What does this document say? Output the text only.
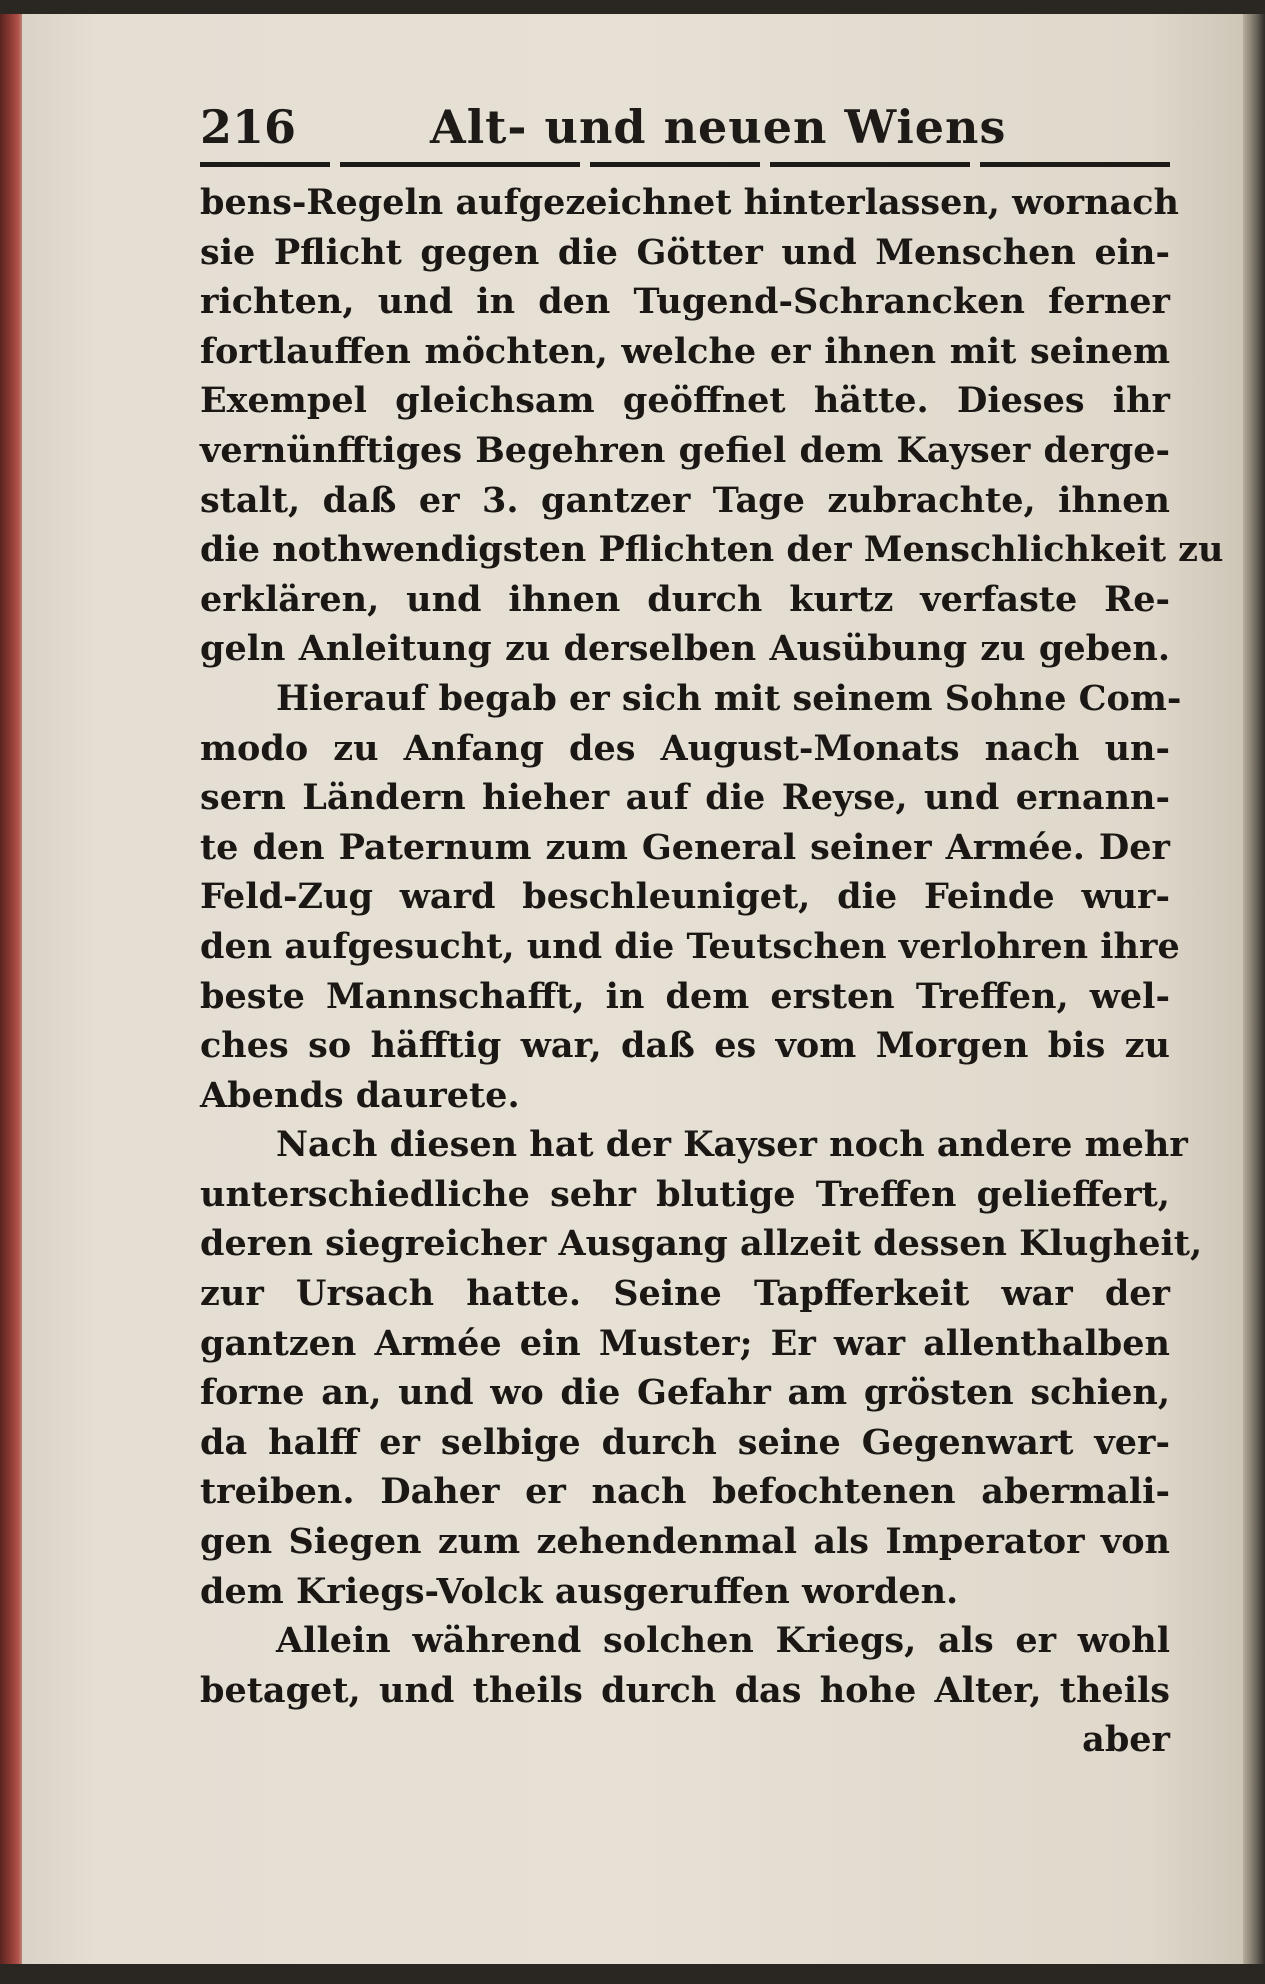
216	Alt- und neuen Wiens
bens-Regeln aufgezeichnet hinterlassen, wornach
sie Pflicht gegen die Götter und Menschen ein-
richten, und in den Tugend-Schrancken ferner
fortlauffen möchten, welche er ihnen mit seinem
Exempel gleichsam geöffnet hätte. Dieses ihr
vernünfftiges Begehren gefiel dem Kayser derge-
stalt, daß er 3. gantzer Tage zubrachte, ihnen
die nothwendigsten Pflichten der Menschlichkeit zu
erklären, und ihnen durch kurtz verfaste Re-
geln Anleitung zu derselben Ausübung zu geben.
Hierauf begab er sich mit seinem Sohne Com-
modo zu Anfang des August-Monats nach un-
sern Ländern hieher auf die Reyse, und ernann-
te den Paternum zum General seiner Armée. Der
Feld-Zug ward beschleuniget, die Feinde wur-
den aufgesucht, und die Teutschen verlohren ihre
beste Mannschafft, in dem ersten Treffen, wel-
ches so häfftig war, daß es vom Morgen bis zu
Abends daurete.
Nach diesen hat der Kayser noch andere mehr
unterschiedliche sehr blutige Treffen gelieffert,
deren siegreicher Ausgang allzeit dessen Klugheit,
zur Ursach hatte. Seine Tapfferkeit war der
gantzen Armée ein Muster; Er war allenthalben
forne an, und wo die Gefahr am grösten schien,
da halff er selbige durch seine Gegenwart ver-
treiben. Daher er nach befochtenen abermali-
gen Siegen zum zehendenmal als Imperator von
dem Kriegs-Volck ausgeruffen worden.
Allein während solchen Kriegs, als er wohl
betaget, und theils durch das hohe Alter, theils
aber
